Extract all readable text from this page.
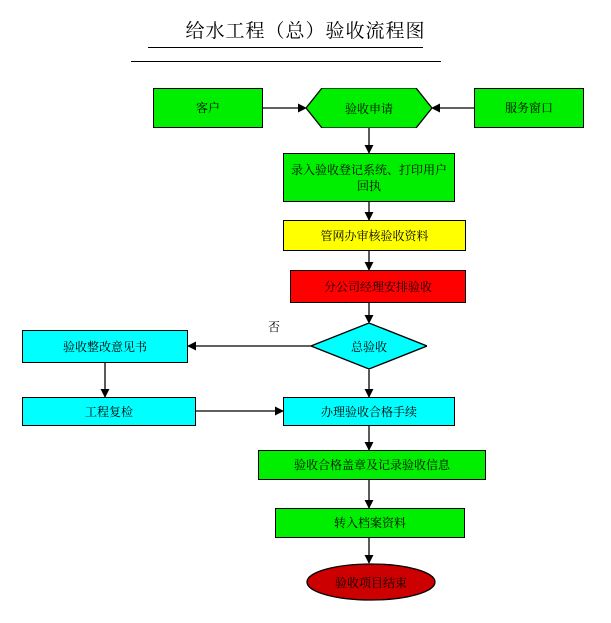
给水工程（总）验收流程图
客户	验收申请	服务窗口
录入验收登记系统、打印用户回执
管网办审核验收资料
分公司经理安排验收
总验收
验收整改意见书
工程复检	办理验收合格手续
验收合格盖章及记录验收信息
转入档案资料
验收项目结束
否
